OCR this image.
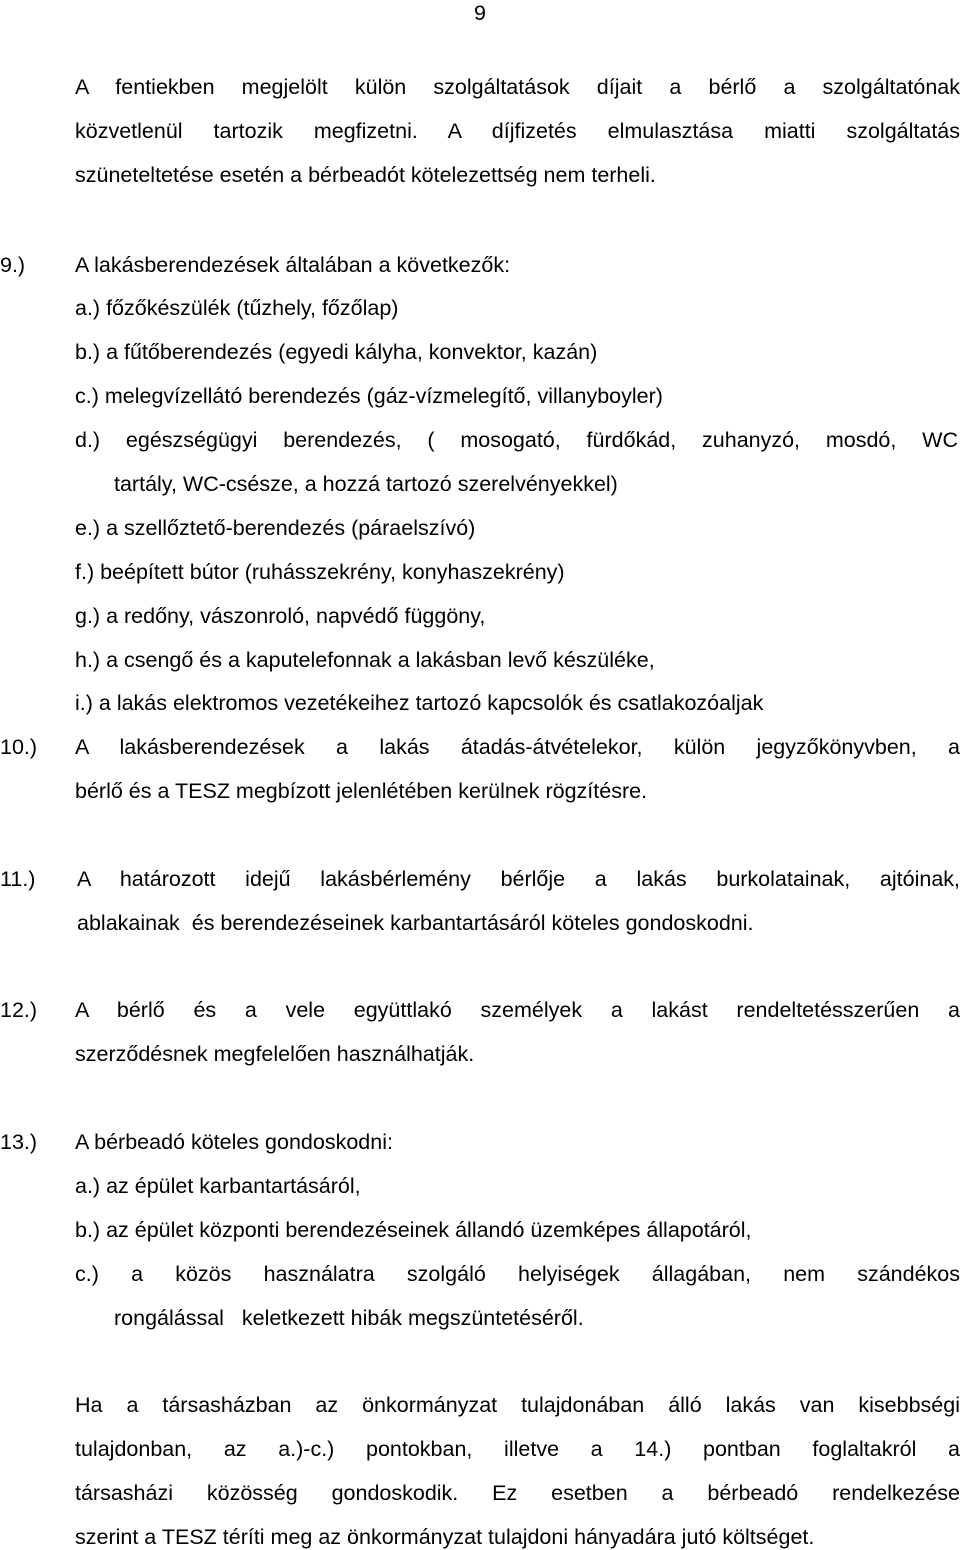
9
A fentiekben megjelölt külön szolgáltatások díjait a bérlő a szolgáltatónak
közvetlenül tartozik megfizetni. A díjfizetés elmulasztása miatti szolgáltatás
szüneteltetése esetén a bérbeadót kötelezettség nem terheli.
9.) A lakásberendezések általában a következők:
a.) főzőkészülék (tűzhely, főzőlap)
b.) a fűtőberendezés (egyedi kályha, konvektor, kazán)
c.) melegvízellátó berendezés (gáz-vízmelegítő, villanyboyler)
d.) egészségügyi berendezés, ( mosogató, fürdőkád, zuhanyzó, mosdó, WC
tartály, WC-csésze, a hozzá tartozó szerelvényekkel)
e.) a szellőztető-berendezés (páraelszívó)
f.) beépített bútor (ruhásszekrény, konyhaszekrény)
g.) a redőny, vászonroló, napvédő függöny,
h.) a csengő és a kaputelefonnak a lakásban levő készüléke,
i.) a lakás elektromos vezetékeihez tartozó kapcsolók és csatlakozóaljak
10.) A lakásberendezések a lakás átadás-átvételekor, külön jegyzőkönyvben, a
bérlő és a TESZ megbízott jelenlétében kerülnek rögzítésre.
11.) A határozott idejű lakásbérlemény bérlője a lakás burkolatainak, ajtóinak,
ablakainak  és berendezéseinek karbantartásáról köteles gondoskodni.
12.) A bérlő és a vele együttlakó személyek a lakást rendeltetésszerűen a
szerződésnek megfelelően használhatják.
13.) A bérbeadó köteles gondoskodni:
a.) az épület karbantartásáról,
b.) az épület központi berendezéseinek állandó üzemképes állapotáról,
c.) a közös használatra szolgáló helyiségek állagában, nem szándékos
rongálással   keletkezett hibák megszüntetéséről.
Ha a társasházban az önkormányzat tulajdonában álló lakás van kisebbségi
tulajdonban, az a.)-c.) pontokban, illetve a 14.) pontban foglaltakról a
társasházi közösség gondoskodik. Ez esetben a bérbeadó rendelkezése
szerint a TESZ téríti meg az önkormányzat tulajdoni hányadára jutó költséget.
